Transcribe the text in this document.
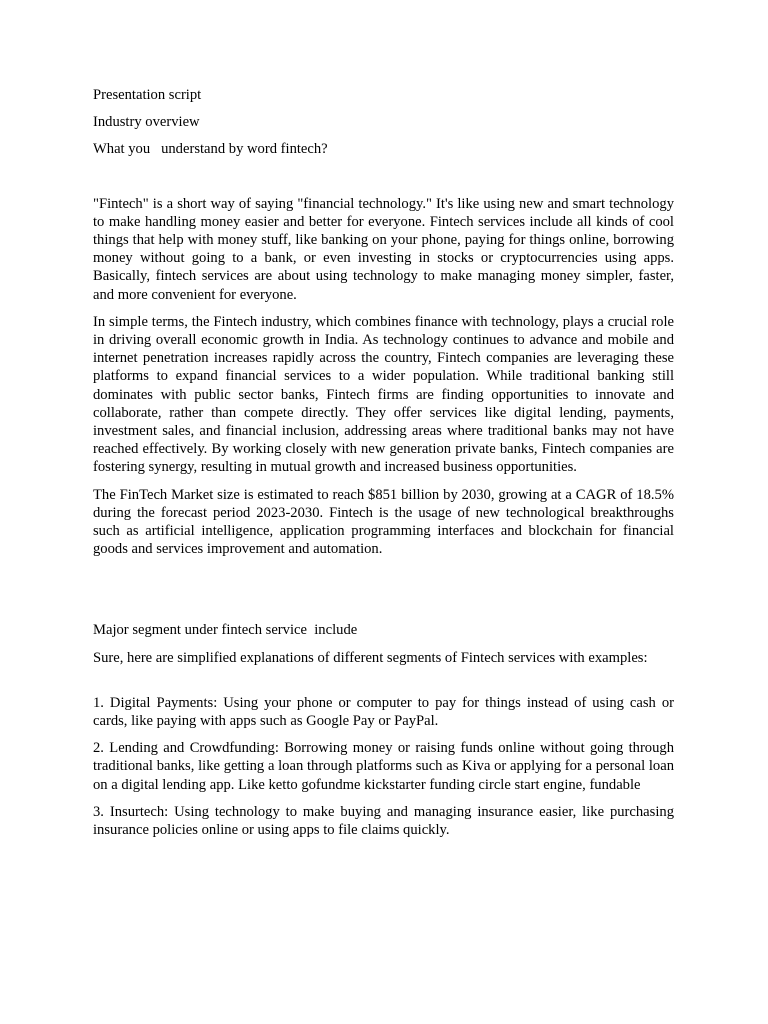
Presentation script

Industry overview

What you   understand by word fintech?

"Fintech" is a short way of saying "financial technology." It's like using new and smart technology to make handling money easier and better for everyone. Fintech services include all kinds of cool things that help with money stuff, like banking on your phone, paying for things online, borrowing money without going to a bank, or even investing in stocks or cryptocurrencies using apps. Basically, fintech services are about using technology to make managing money simpler, faster, and more convenient for everyone.

In simple terms, the Fintech industry, which combines finance with technology, plays a crucial role in driving overall economic growth in India. As technology continues to advance and mobile and internet penetration increases rapidly across the country, Fintech companies are leveraging these platforms to expand financial services to a wider population. While traditional banking still dominates with public sector banks, Fintech firms are finding opportunities to innovate and collaborate, rather than compete directly. They offer services like digital lending, payments, investment sales, and financial inclusion, addressing areas where traditional banks may not have reached effectively. By working closely with new generation private banks, Fintech companies are fostering synergy, resulting in mutual growth and increased business opportunities.

The FinTech Market size is estimated to reach $851 billion by 2030, growing at a CAGR of 18.5% during the forecast period 2023-2030. Fintech is the usage of new technological breakthroughs such as artificial intelligence, application programming interfaces and blockchain for financial goods and services improvement and automation.

Major segment under fintech service  include

Sure, here are simplified explanations of different segments of Fintech services with examples:

1. Digital Payments: Using your phone or computer to pay for things instead of using cash or cards, like paying with apps such as Google Pay or PayPal.

2. Lending and Crowdfunding: Borrowing money or raising funds online without going through traditional banks, like getting a loan through platforms such as Kiva or applying for a personal loan on a digital lending app. Like ketto gofundme kickstarter funding circle start engine, fundable

3. Insurtech: Using technology to make buying and managing insurance easier, like purchasing insurance policies online or using apps to file claims quickly.
